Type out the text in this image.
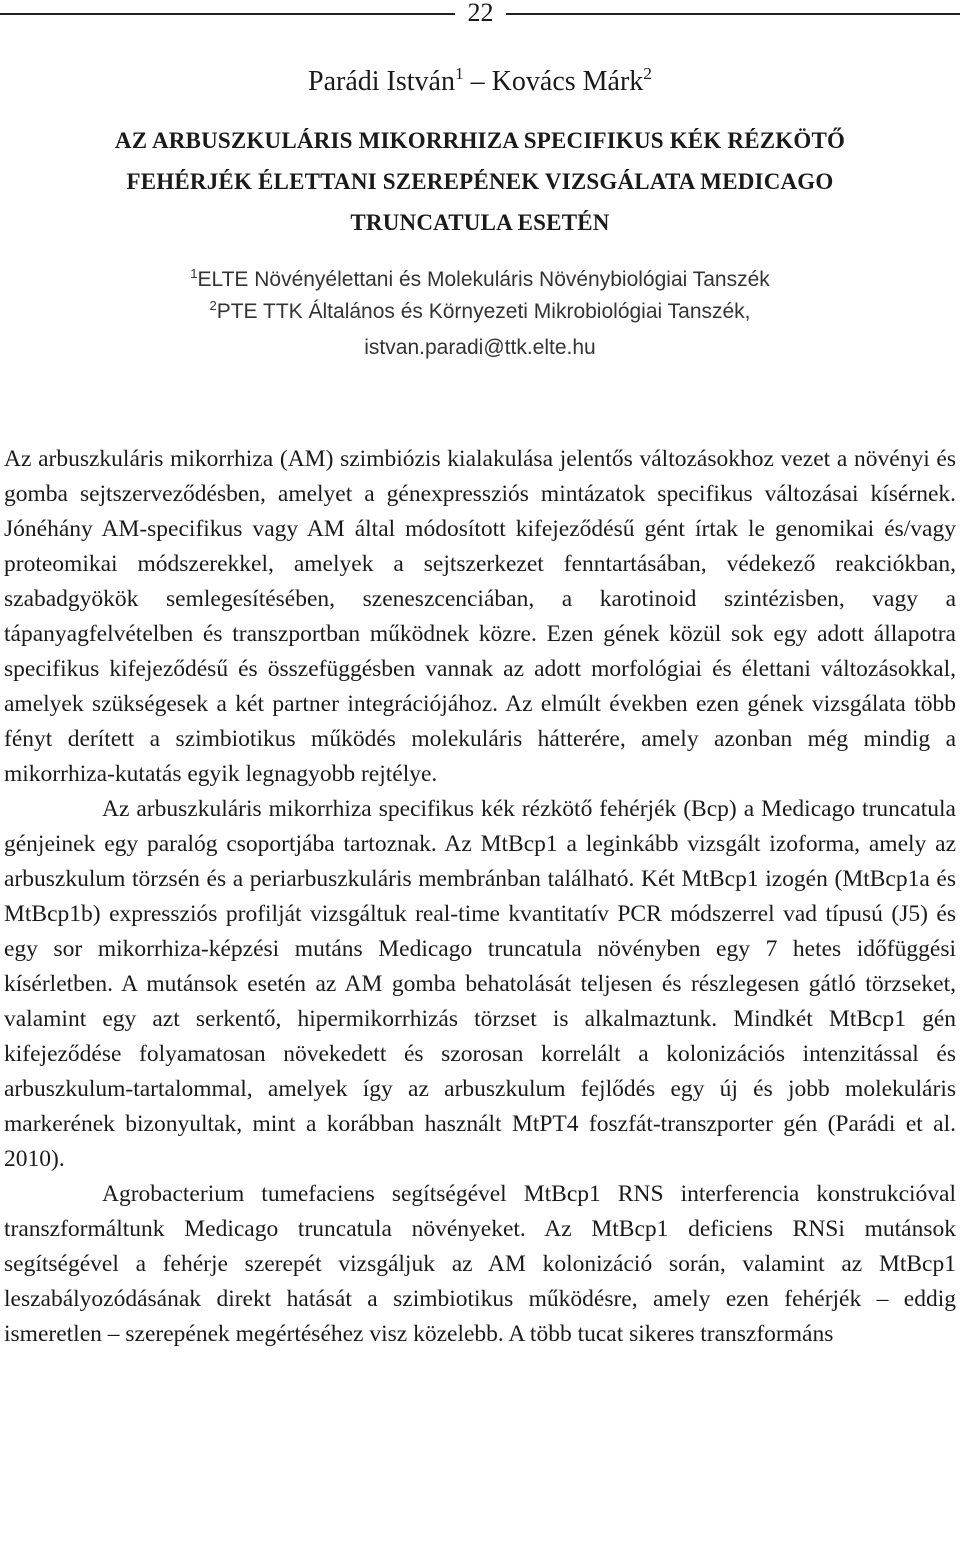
22
Parádi István$^1$ – Kovács Márk$^2$
AZ ARBUSZKULÁRIS MIKORRHIZA SPECIFIKUS KÉK RÉZKÖTŐ
FEHÉRJÉK ÉLETTANI SZEREPÉNEK VIZSGÁLATA MEDICAGO
TRUNCATULA ESETÉN
$^1$ELTE Növényélettani és Molekuláris Növénybiológiai Tanszék
$^2$PTE TTK Általános és Környezeti Mikrobiológiai Tanszék,
istvan.paradi@ttk.elte.hu

Az arbuszkuláris mikorrhiza (AM) szimbiózis kialakulása jelentős változásokhoz vezet a növényi és gomba sejtszerveződésben, amelyet a génexpressziós mintázatok specifikus változásai kísérnek. Jónéhány AM-specifikus vagy AM által módosított kifejeződésű gént írtak le genomikai és/vagy proteomikai módszerekkel, amelyek a sejtszerkezet fenntartásában, védekező reakciókban, szabadgyökök semlegesítésében, szeneszcenciában, a karotinoid szintézisben, vagy a tápanyagfelvételben és transzportban működnek közre. Ezen gének közül sok egy adott állapotra specifikus kifejeződésű és összefüggésben vannak az adott morfológiai és élettani változásokkal, amelyek szükségesek a két partner integrációjához. Az elmúlt években ezen gének vizsgálata több fényt derített a szimbiotikus működés molekuláris hátterére, amely azonban még mindig a mikorrhiza-kutatás egyik legnagyobb rejtélye.

Az arbuszkuláris mikorrhiza specifikus kék rézkötő fehérjék (Bcp) a Medicago truncatula génjeinek egy paralóg csoportjába tartoznak. Az MtBcp1 a leginkább vizsgált izoforma, amely az arbuszkulum törzsén és a periarbuszkuláris membránban található. Két MtBcp1 izogén (MtBcp1a és MtBcp1b) expressziós profilját vizsgáltuk real-time kvantitatív PCR módszerrel vad típusú (J5) és egy sor mikorrhiza-képzési mutáns Medicago truncatula növényben egy 7 hetes időfüggési kísérletben. A mutánsok esetén az AM gomba behatolását teljesen és részlegesen gátló törzseket, valamint egy azt serkentő, hipermikorrhizás törzset is alkalmaztunk. Mindkét MtBcp1 gén kifejeződése folyamatosan növekedett és szorosan korrelált a kolonizációs intenzitással és arbuszkulum-tartalommal, amelyek így az arbuszkulum fejlődés egy új és jobb molekuláris markerének bizonyultak, mint a korábban használt MtPT4 foszfát-transzporter gén (Parádi et al. 2010).

Agrobacterium tumefaciens segítségével MtBcp1 RNS interferencia konstrukcióval transzformáltunk Medicago truncatula növényeket. Az MtBcp1 deficiens RNSi mutánsok segítségével a fehérje szerepét vizsgáljuk az AM kolonizáció során, valamint az MtBcp1 leszabályozódásának direkt hatását a szimbiotikus működésre, amely ezen fehérjék – eddig ismeretlen – szerepének megértéséhez visz közelebb. A több tucat sikeres transzformáns
